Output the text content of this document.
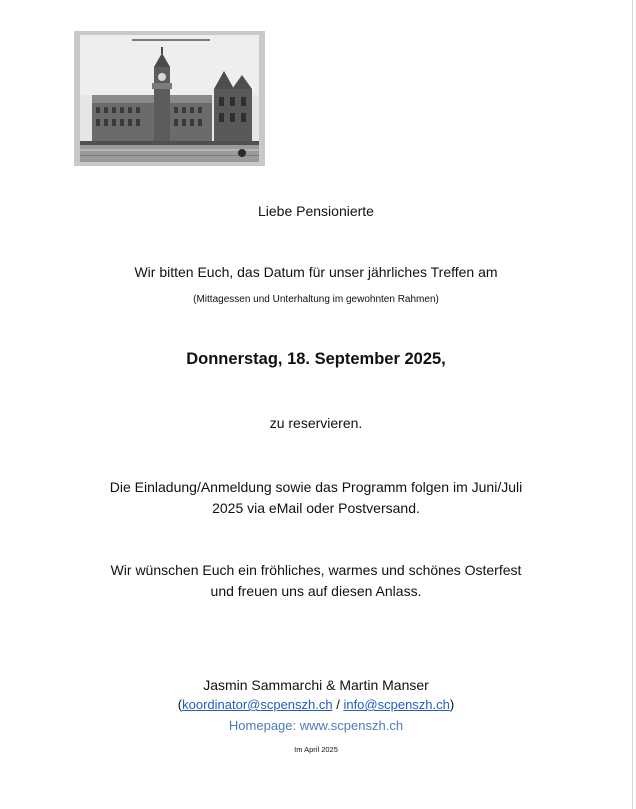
Liebe Pensionierte
Wir bitten Euch, das Datum für unser jährliches Treffen am
(Mittagessen und Unterhaltung im gewohnten Rahmen)
Donnerstag, 18. September 2025,
zu reservieren.
Die Einladung/Anmeldung sowie das Programm folgen im Juni/Juli
2025 via eMail oder Postversand.
Wir wünschen Euch ein fröhliches, warmes und schönes Osterfest
und freuen uns auf diesen Anlass.
Jasmin Sammarchi & Martin Manser
(koordinator@scpenszh.ch / info@scpenszh.ch)
Homepage: www.scpenszh.ch
Im April 2025
